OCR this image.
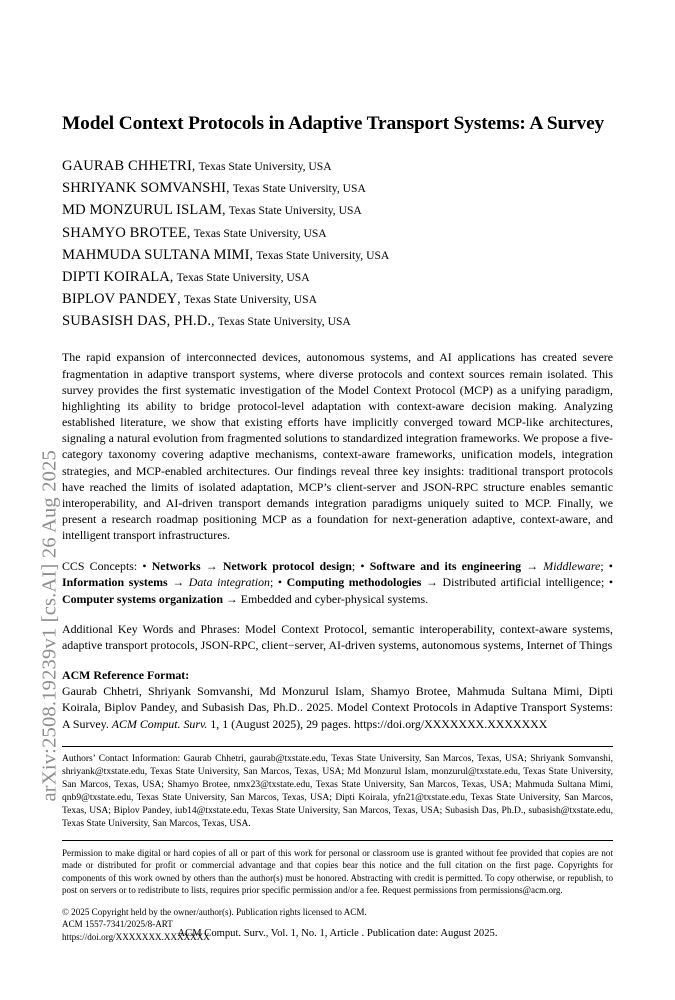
arXiv:2508.19239v1 [cs.AI] 26 Aug 2025
Model Context Protocols in Adaptive Transport Systems: A Survey
GAURAB CHHETRI, Texas State University, USA
SHRIYANK SOMVANSHI, Texas State University, USA
MD MONZURUL ISLAM, Texas State University, USA
SHAMYO BROTEE, Texas State University, USA
MAHMUDA SULTANA MIMI, Texas State University, USA
DIPTI KOIRALA, Texas State University, USA
BIPLOV PANDEY, Texas State University, USA
SUBASISH DAS, PH.D., Texas State University, USA

The rapid expansion of interconnected devices, autonomous systems, and AI applications has created severe fragmentation in adaptive transport systems, where diverse protocols and context sources remain isolated. This survey provides the first systematic investigation of the Model Context Protocol (MCP) as a unifying paradigm, highlighting its ability to bridge protocol-level adaptation with context-aware decision making. Analyzing established literature, we show that existing efforts have implicitly converged toward MCP-like architectures, signaling a natural evolution from fragmented solutions to standardized integration frameworks. We propose a five-category taxonomy covering adaptive mechanisms, context-aware frameworks, unification models, integration strategies, and MCP-enabled architectures. Our findings reveal three key insights: traditional transport protocols have reached the limits of isolated adaptation, MCP’s client-server and JSON-RPC structure enables semantic interoperability, and AI-driven transport demands integration paradigms uniquely suited to MCP. Finally, we present a research roadmap positioning MCP as a foundation for next-generation adaptive, context-aware, and intelligent transport infrastructures.

CCS Concepts: • Networks → Network protocol design; • Software and its engineering → Middleware; • Information systems → Data integration; • Computing methodologies → Distributed artificial intelligence; • Computer systems organization → Embedded and cyber-physical systems.

Additional Key Words and Phrases: Model Context Protocol, semantic interoperability, context-aware systems, adaptive transport protocols, JSON-RPC, client−server, AI-driven systems, autonomous systems, Internet of Things

ACM Reference Format:
Gaurab Chhetri, Shriyank Somvanshi, Md Monzurul Islam, Shamyo Brotee, Mahmuda Sultana Mimi, Dipti Koirala, Biplov Pandey, and Subasish Das, Ph.D.. 2025. Model Context Protocols in Adaptive Transport Systems: A Survey. ACM Comput. Surv. 1, 1 (August 2025), 29 pages. https://doi.org/XXXXXXX.XXXXXXX

Authors’ Contact Information: Gaurab Chhetri, gaurab@txstate.edu, Texas State University, San Marcos, Texas, USA; Shriyank Somvanshi, shriyank@txstate.edu, Texas State University, San Marcos, Texas, USA; Md Monzurul Islam, monzurul@txstate.edu, Texas State University, San Marcos, Texas, USA; Shamyo Brotee, nmx23@txstate.edu, Texas State University, San Marcos, Texas, USA; Mahmuda Sultana Mimi, qnb9@txstate.edu, Texas State University, San Marcos, Texas, USA; Dipti Koirala, yfn21@txstate.edu, Texas State University, San Marcos, Texas, USA; Biplov Pandey, iub14@txstate.edu, Texas State University, San Marcos, Texas, USA; Subasish Das, Ph.D., subasish@txstate.edu, Texas State University, San Marcos, Texas, USA.

Permission to make digital or hard copies of all or part of this work for personal or classroom use is granted without fee provided that copies are not made or distributed for profit or commercial advantage and that copies bear this notice and the full citation on the first page. Copyrights for components of this work owned by others than the author(s) must be honored. Abstracting with credit is permitted. To copy otherwise, or republish, to post on servers or to redistribute to lists, requires prior specific permission and/or a fee. Request permissions from permissions@acm.org.

© 2025 Copyright held by the owner/author(s). Publication rights licensed to ACM.
ACM 1557-7341/2025/8-ART
https://doi.org/XXXXXXX.XXXXXXX
ACM Comput. Surv., Vol. 1, No. 1, Article . Publication date: August 2025.
